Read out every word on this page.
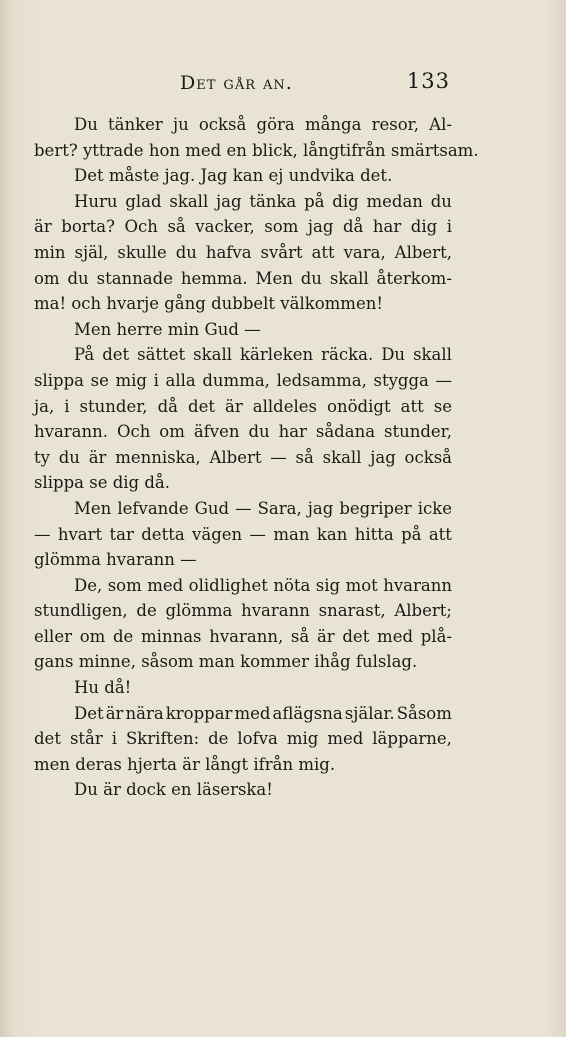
Det går an.	133
Du tänker ju också göra många resor, Al-
bert? yttrade hon med en blick, långtifrån smärtsam.
Det måste jag. Jag kan ej undvika det.
Huru glad skall jag tänka på dig medan du
är borta? Och så vacker, som jag då har dig i
min själ, skulle du hafva svårt att vara, Albert,
om du stannade hemma. Men du skall återkom-
ma! och hvarje gång dubbelt välkommen!
Men herre min Gud —
På det sättet skall kärleken räcka. Du skall
slippa se mig i alla dumma, ledsamma, stygga —
ja, i stunder, då det är alldeles onödigt att se
hvarann. Och om äfven du har sådana stunder,
ty du är menniska, Albert — så skall jag också
slippa se dig då.
Men lefvande Gud — Sara, jag begriper icke
— hvart tar detta vägen — man kan hitta på att
glömma hvarann —
De, som med olidlighet nöta sig mot hvarann
stundligen, de glömma hvarann snarast, Albert;
eller om de minnas hvarann, så är det med plå-
gans minne, såsom man kommer ihåg fulslag.
Hu då!
Det är nära kroppar med aflägsna själar. Såsom
det står i Skriften: de lofva mig med läpparne,
men deras hjerta är långt ifrån mig.
Du är dock en läserska!
